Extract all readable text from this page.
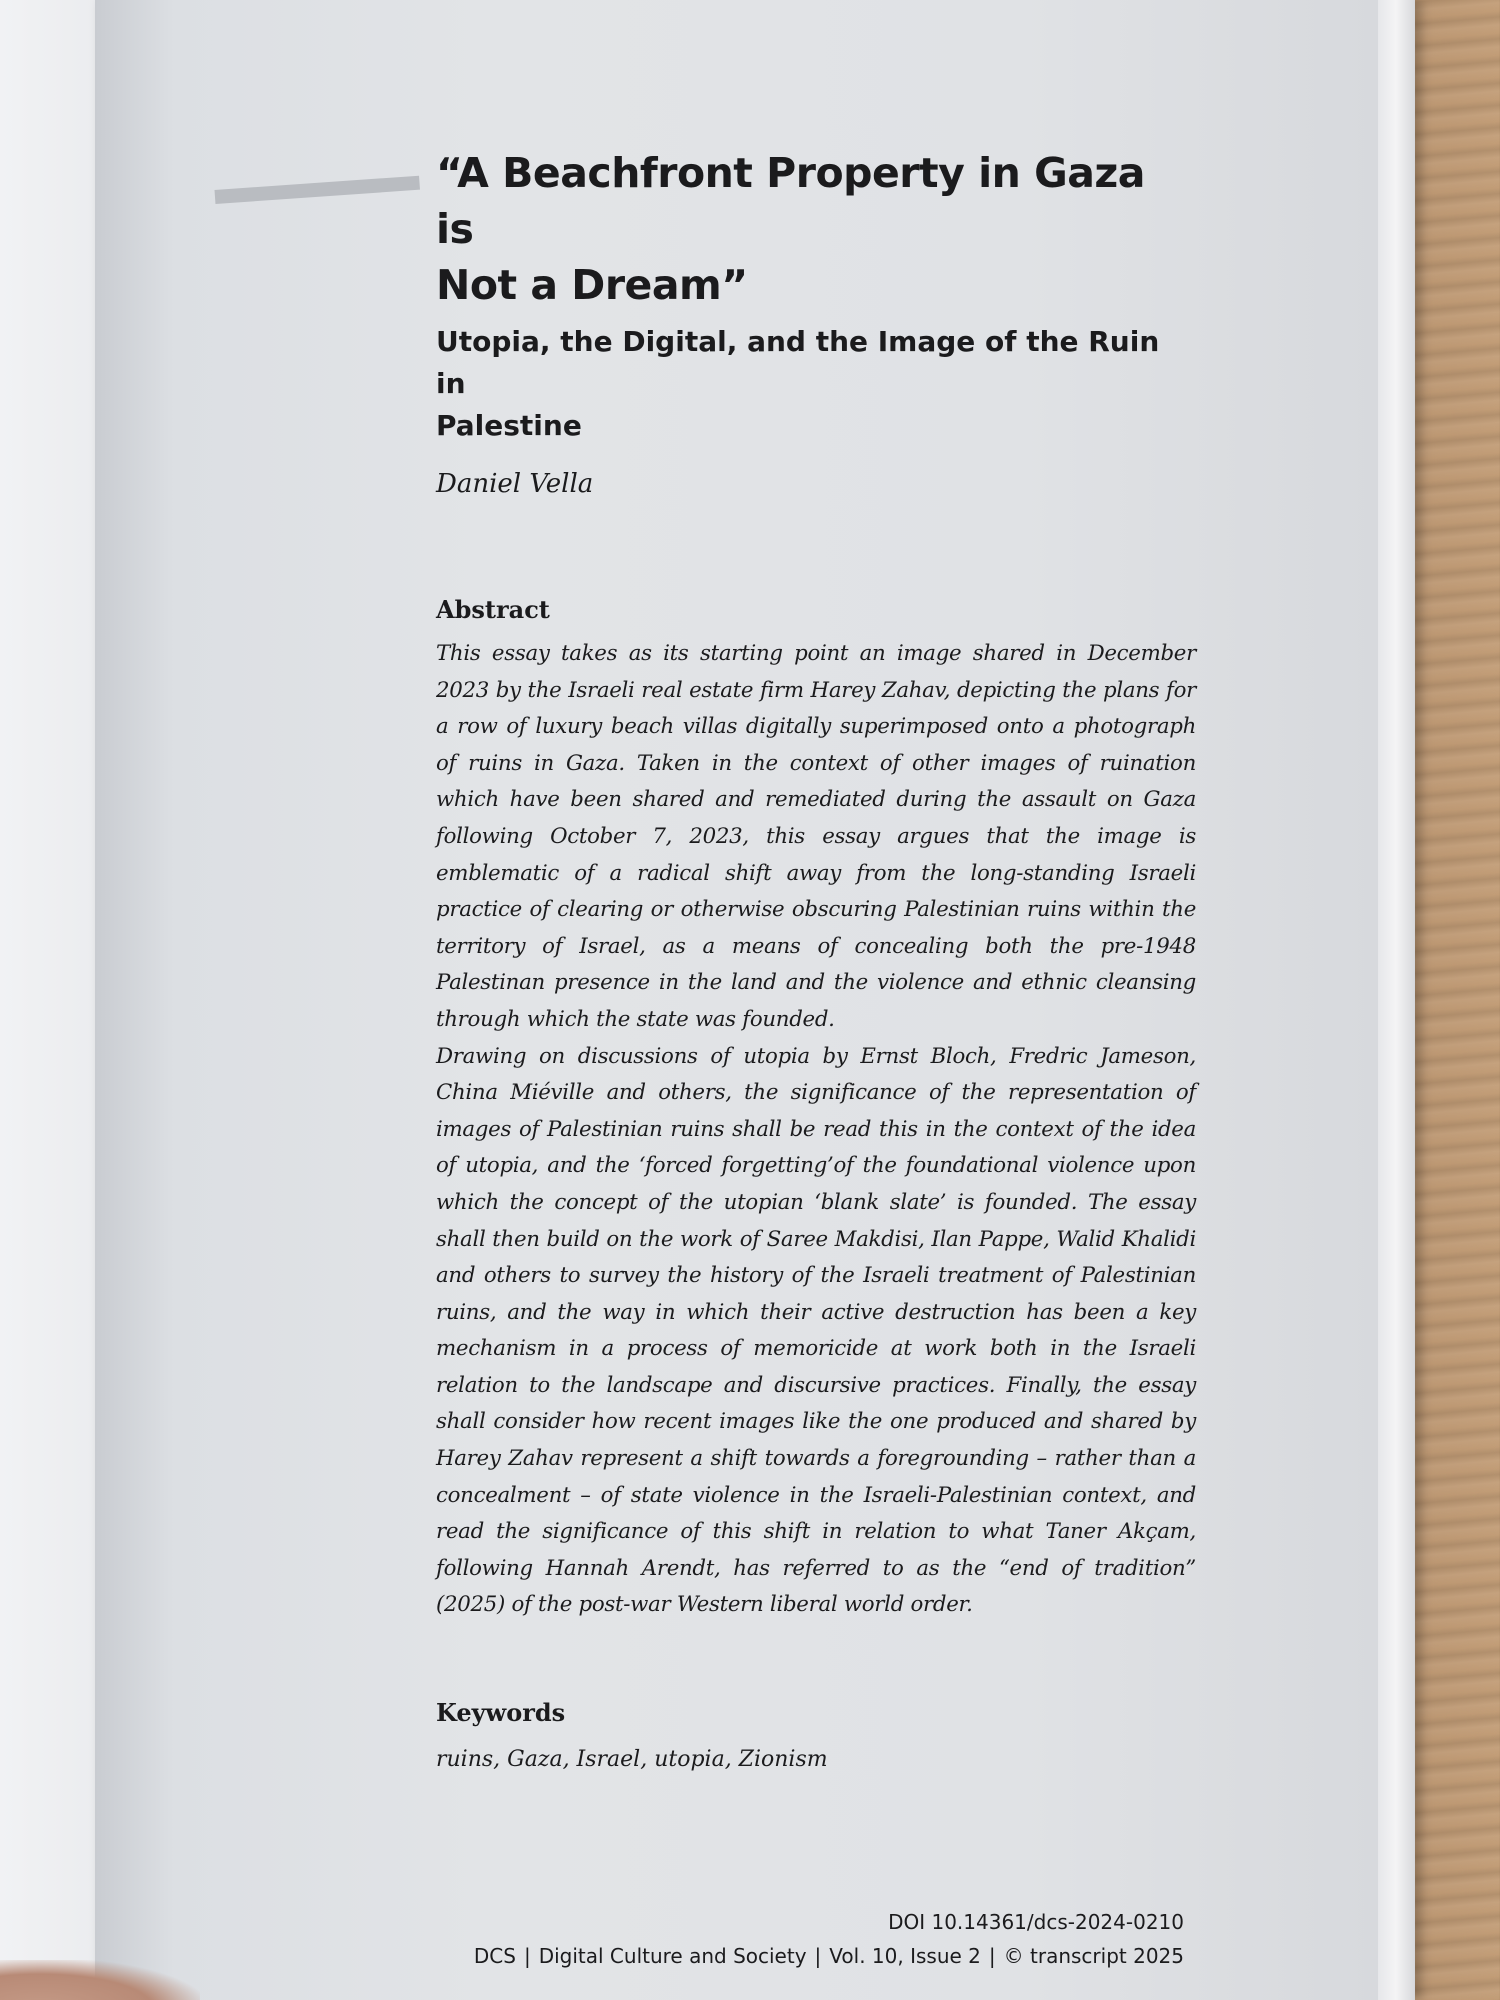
“A Beachfront Property in Gaza is
Not a Dream”
Utopia, the Digital, and the Image of the Ruin in
Palestine
Daniel Vella
Abstract

This essay takes as its starting point an image shared in December 2023 by the Israeli real estate firm Harey Zahav, depicting the plans for a row of luxury beach villas digitally superimposed onto a photograph of ruins in Gaza. Taken in the context of other images of ruination which have been shared and remediated during the assault on Gaza following October 7, 2023, this essay argues that the image is emblematic of a radical shift away from the long-standing Israeli practice of clearing or otherwise obscuring Palestinian ruins within the territory of Israel, as a means of concealing both the pre-1948 Palestinan presence in the land and the violence and ethnic cleansing through which the state was founded.

Drawing on discussions of utopia by Ernst Bloch, Fredric Jameson, China Miéville and others, the significance of the representation of images of Palestinian ruins shall be read this in the context of the idea of utopia, and the ‘forced forgetting’of the foundational violence upon which the concept of the utopian ‘blank slate’ is founded. The essay shall then build on the work of Saree Makdisi, Ilan Pappe, Walid Khalidi and others to survey the history of the Israeli treatment of Palestinian ruins, and the way in which their active destruction has been a key mechanism in a process of memoricide at work both in the Israeli relation to the landscape and discursive practices. Finally, the essay shall consider how recent images like the one produced and shared by Harey Zahav represent a shift towards a foregrounding – rather than a concealment – of state violence in the Israeli-Palestinian context, and read the significance of this shift in relation to what Taner Akçam, following Hannah Arendt, has referred to as the “end of tradition” (2025) of the post-war Western liberal world order.

Keywords
ruins, Gaza, Israel, utopia, Zionism
DOI 10.14361/dcs-2024-0210
DCS | Digital Culture and Society | Vol. 10, Issue 2 | © transcript 2025
